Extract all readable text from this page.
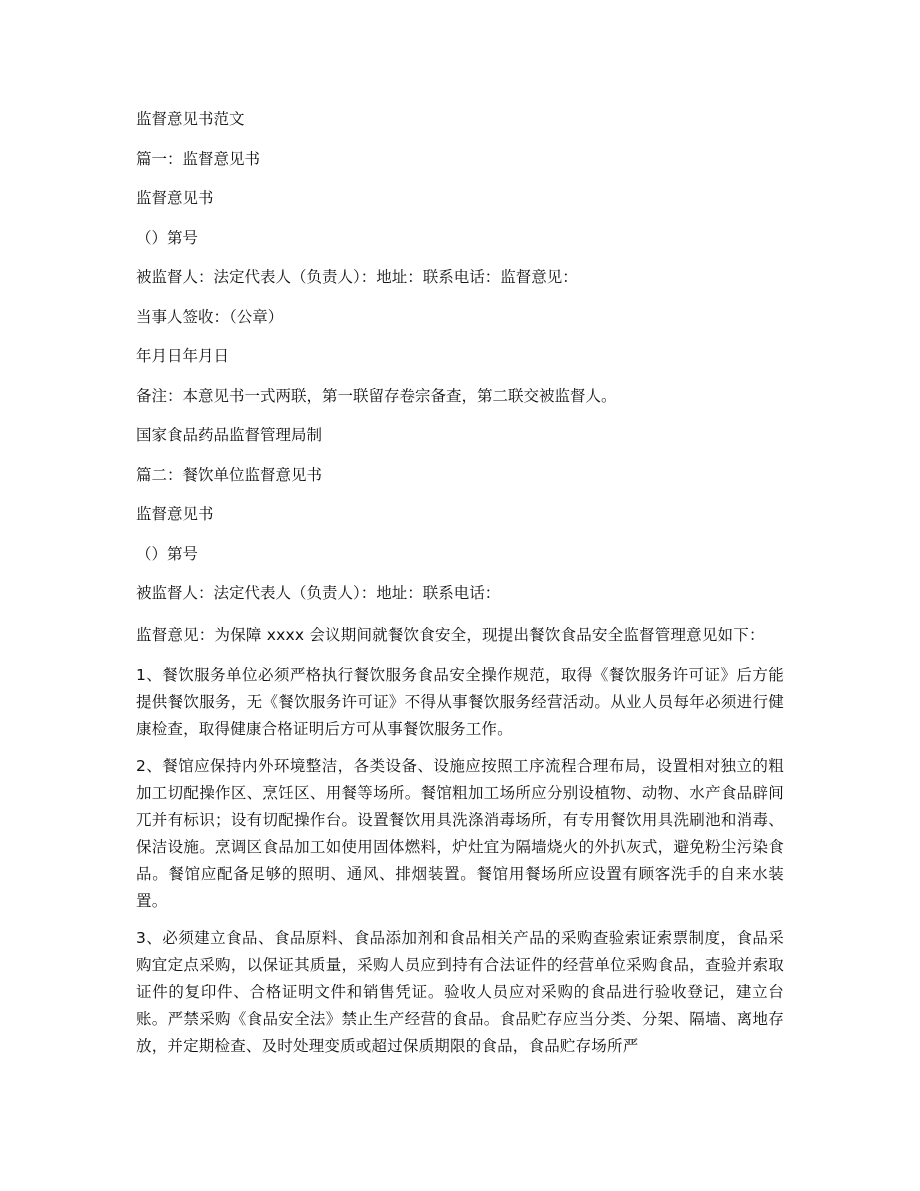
监督意见书范文
篇一：监督意见书
监督意见书
（）第号
被监督人：法定代表人（负责人）：地址：联系电话：监督意见：
当事人签收：（公章）
年月日年月日
备注：本意见书一式两联，第一联留存卷宗备查，第二联交被监督人。
国家食品药品监督管理局制
篇二：餐饮单位监督意见书
监督意见书
（）第号
被监督人：法定代表人（负责人）：地址：联系电话：
监督意见：为保障 xxxx 会议期间就餐饮食安全，现提出餐饮食品安全监督管理意见如下：
1、餐饮服务单位必须严格执行餐饮服务食品安全操作规范，取得《餐饮服务许可证》后方能提供餐饮服务，无《餐饮服务许可证》不得从事餐饮服务经营活动。从业人员每年必须进行健康检查，取得健康合格证明后方可从事餐饮服务工作。
2、餐馆应保持内外环境整洁，各类设备、设施应按照工序流程合理布局，设置相对独立的粗加工切配操作区、烹饪区、用餐等场所。餐馆粗加工场所应分别设植物、动物、水产食品辟间兀并有标识；设有切配操作台。设置餐饮用具洗涤消毒场所，有专用餐饮用具洗刷池和消毒、保洁设施。烹调区食品加工如使用固体燃料，炉灶宜为隔墙烧火的外扒灰式，避免粉尘污染食品。餐馆应配备足够的照明、通风、排烟装置。餐馆用餐场所应设置有顾客洗手的自来水装置。
3、必须建立食品、食品原料、食品添加剂和食品相关产品的采购查验索证索票制度，食品采购宜定点采购，以保证其质量，采购人员应到持有合法证件的经营单位采购食品，查验并索取证件的复印件、合格证明文件和销售凭证。验收人员应对采购的食品进行验收登记，建立台账。严禁采购《食品安全法》禁止生产经营的食品。食品贮存应当分类、分架、隔墙、离地存放，并定期检查、及时处理变质或超过保质期限的食品，食品贮存场所严
